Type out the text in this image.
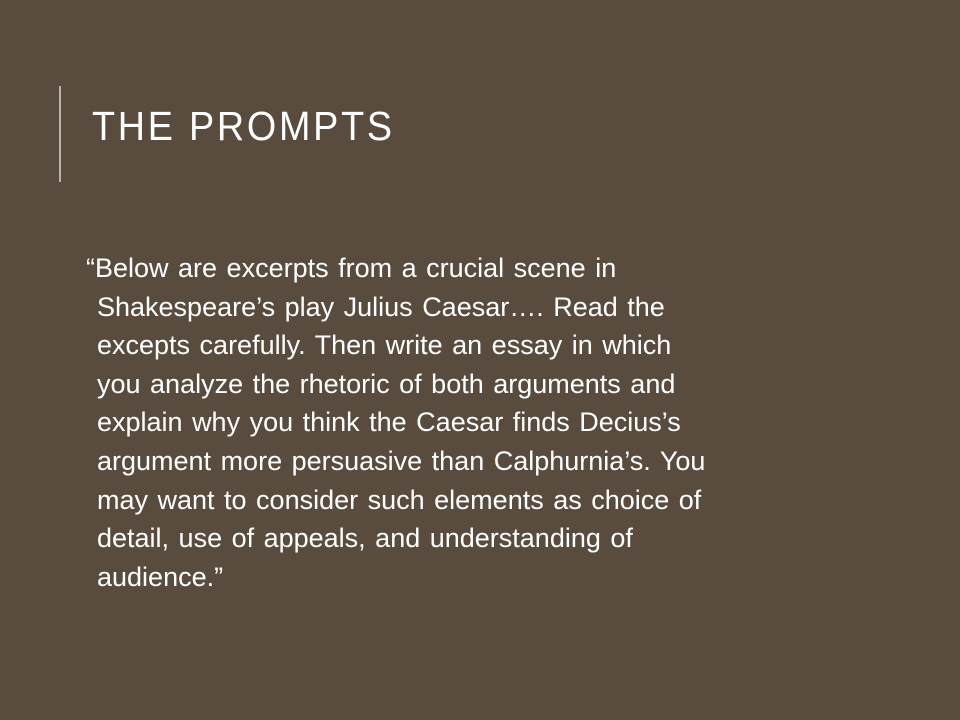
THE PROMPTS
“Below are excerpts from a crucial scene in
Shakespeare’s play Julius Caesar…. Read the
excepts carefully. Then write an essay in which
you analyze the rhetoric of both arguments and
explain why you think the Caesar finds Decius’s
argument more persuasive than Calphurnia’s. You
may want to consider such elements as choice of
detail, use of appeals, and understanding of
audience.”
